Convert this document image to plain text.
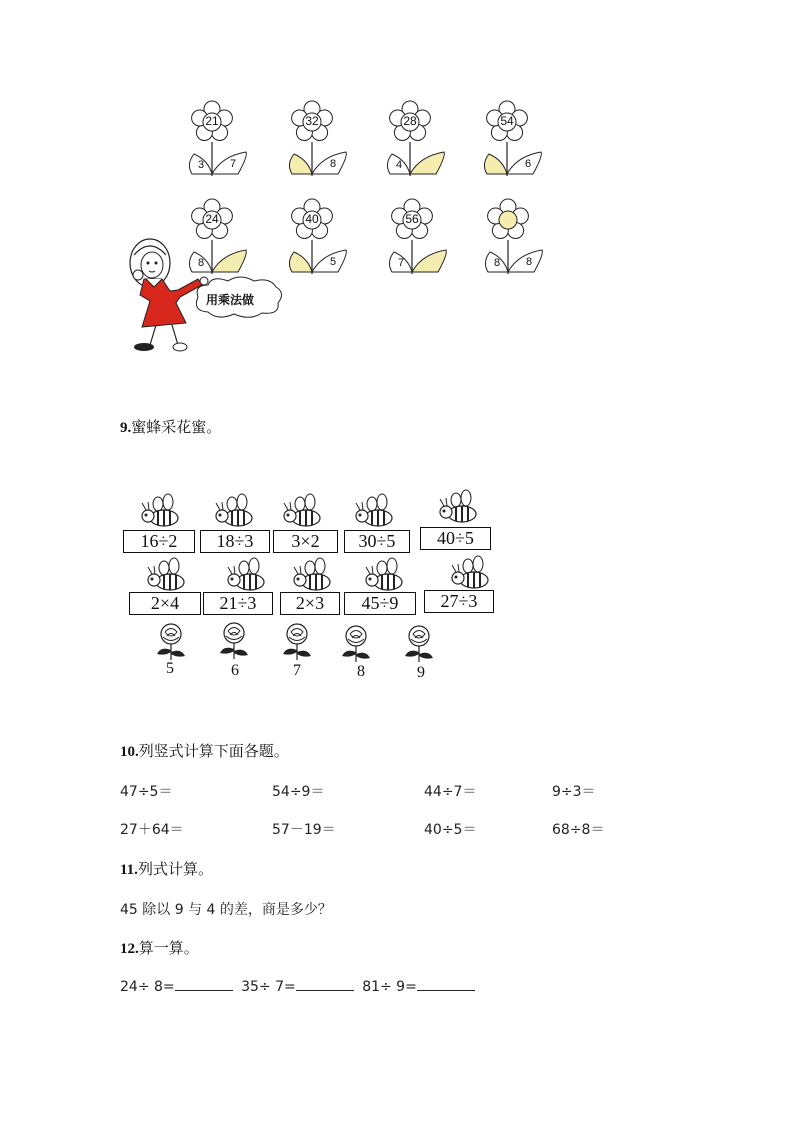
21
3	7
32
8
28
4
54
6
24
8
40
5
56
7	8	8
用乘法做
9.蜜蜂采花蜜。
16÷2	18÷3	3×2	30÷5	40÷5
2×4	21÷3	2×3	45÷9	27÷3
5	6	7	8	9
10.列竖式计算下面各题。
47÷5＝	54÷9＝	44÷7＝	9÷3＝
27＋64＝	57－19＝	40÷5＝	68÷8＝
11.列式计算。
45 除以 9 与 4 的差，商是多少？
12.算一算。
24÷ 8=	35÷ 7=	81÷ 9=
